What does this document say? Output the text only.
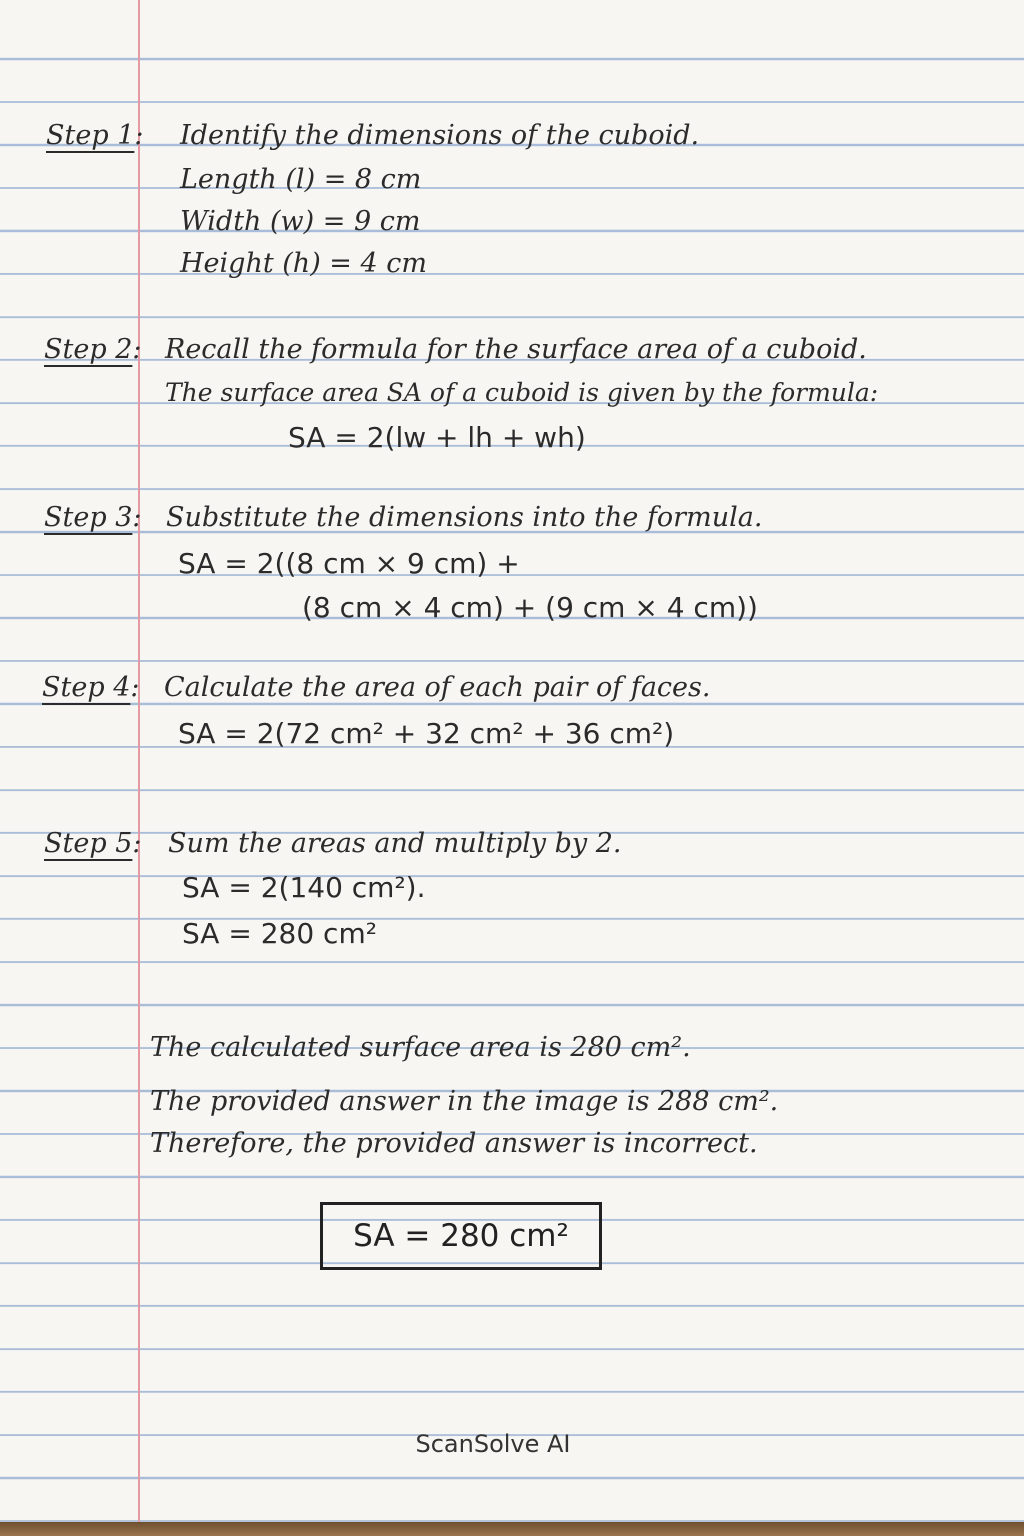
Step 1: Identify the dimensions of the cuboid.
Length (l) = 8 cm
Width (w) = 9 cm
Height (h) = 4 cm
Step 2: Recall the formula for the surface area of a cuboid.
The surface area SA of a cuboid is given by the formula:
SA = 2(lw + lh + wh)
Step 3: Substitute the dimensions into the formula.
SA = 2((8 cm × 9 cm) +
(8 cm × 4 cm) + (9 cm × 4 cm))
Step 4: Calculate the area of each pair of faces.
SA = 2(72 cm² + 32 cm² + 36 cm²)
Step 5: Sum the areas and multiply by 2.
SA = 2(140 cm²).
SA = 280 cm²
The calculated surface area is 280 cm².
The provided answer in the image is 288 cm².
Therefore, the provided answer is incorrect.
SA = 280 cm²
ScanSolve AI
